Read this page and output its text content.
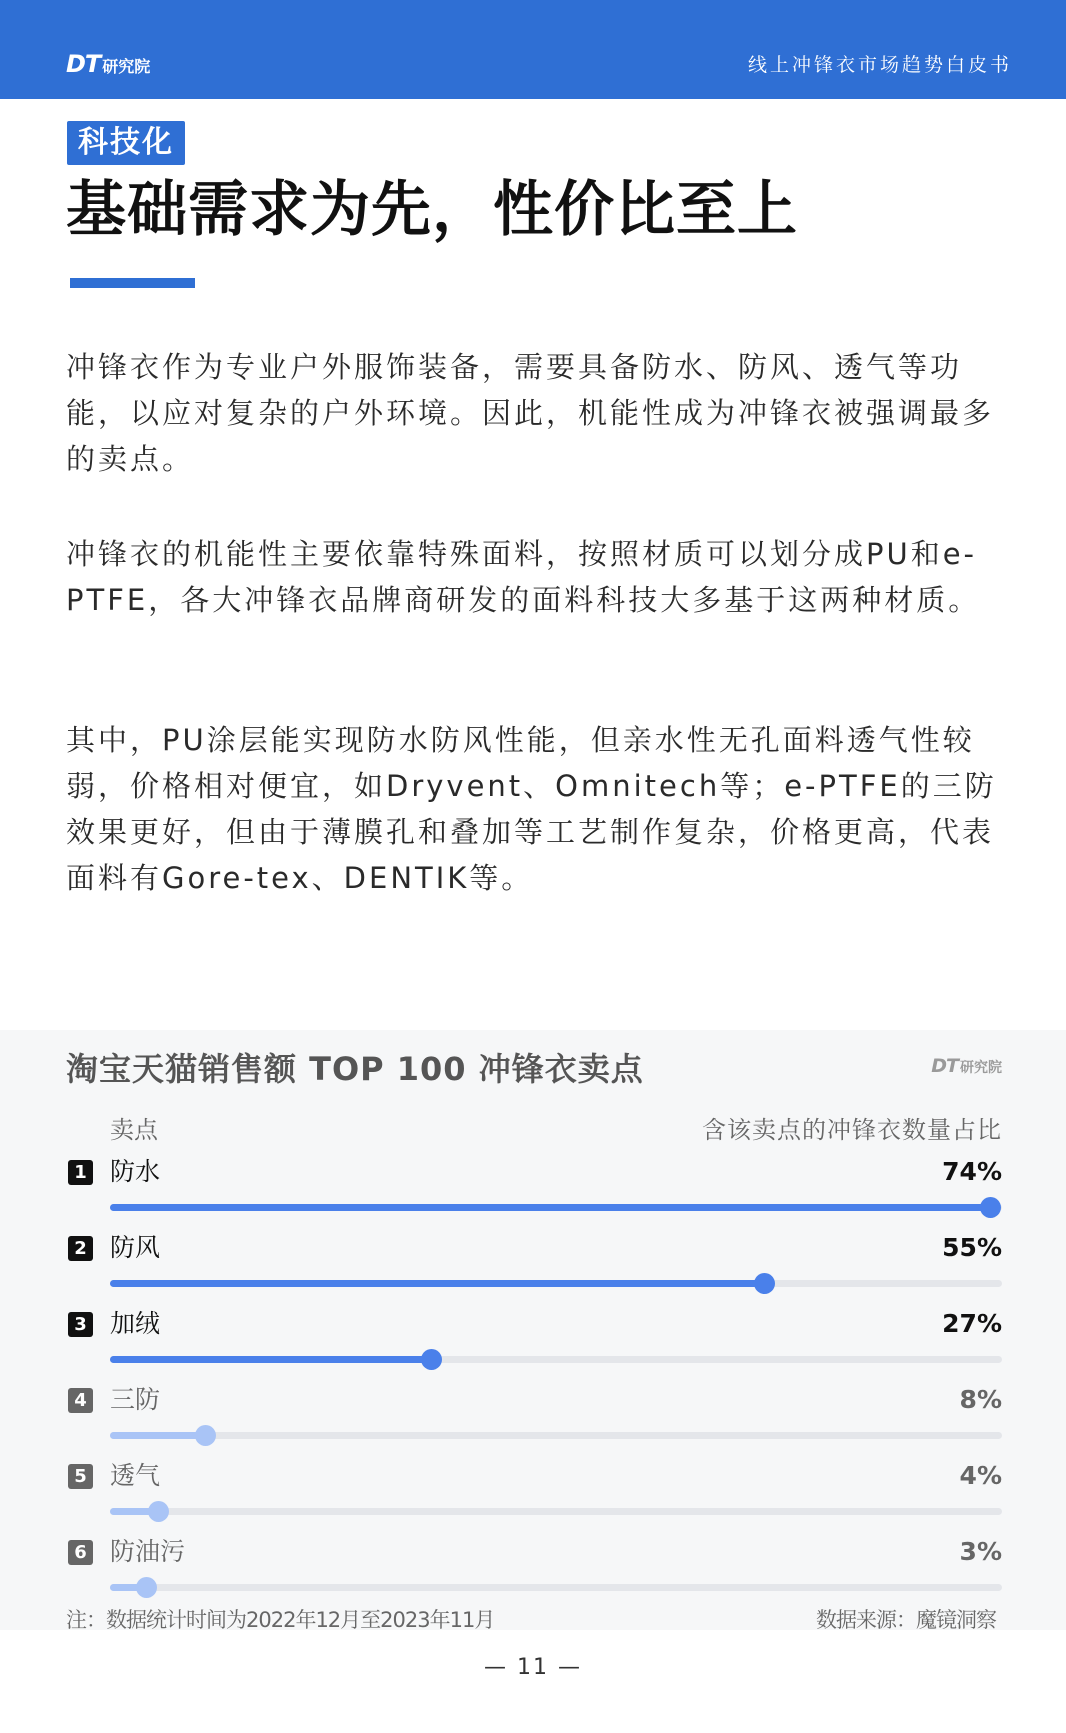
DT 研究院	线上冲锋衣市场趋势白皮书
科技化
基础需求为先，性价比至上

冲锋衣作为专业户外服饰装备，需要具备防水、防风、透气等功能，以应对复杂的户外环境。因此，机能性成为冲锋衣被强调最多的卖点。

冲锋衣的机能性主要依靠特殊面料，按照材质可以划分成PU和e-PTFE，各大冲锋衣品牌商研发的面料科技大多基于这两种材质。

其中，PU涂层能实现防水防风性能，但亲水性无孔面料透气性较弱，价格相对便宜，如Dryvent、Omnitech等；e-PTFE的三防效果更好，但由于薄膜孔和叠加等工艺制作复杂，价格更高，代表面料有Gore-tex、DENTIK等。

淘宝天猫销售额 TOP 100 冲锋衣卖点	DT 研究院
卖点	含该卖点的冲锋衣数量占比
1 防水	74%
2 防风	55%
3 加绒	27%
4 三防	8%
5 透气	4%
6 防油污	3%
注：数据统计时间为2022年12月至2023年11月	数据来源：魔镜洞察
— 11 —
